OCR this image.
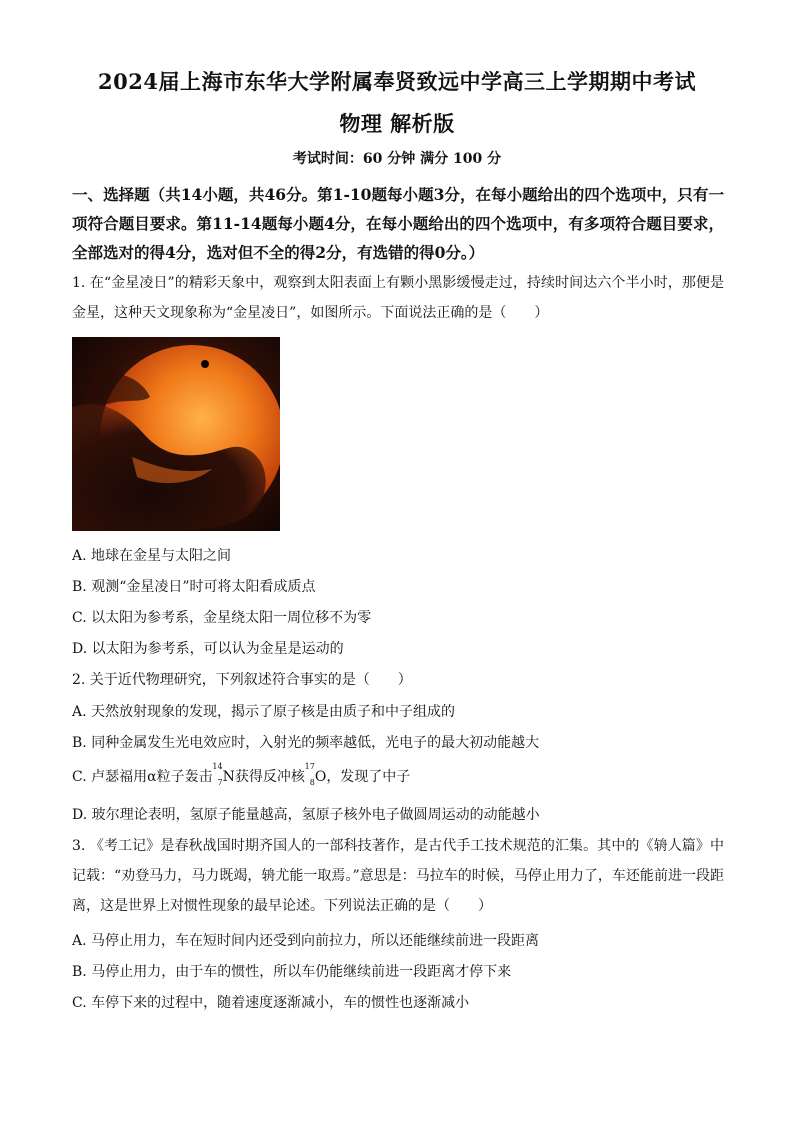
2024届上海市东华大学附属奉贤致远中学高三上学期期中考试
物理 解析版
考试时间：60 分钟 满分 100 分
一、选择题（共14小题，共46分。第1-10题每小题3分，在每小题给出的四个选项中，只有一项符合题目要求。第11-14题每小题4分，在每小题给出的四个选项中，有多项符合题目要求，全部选对的得4分，选对但不全的得2分，有选错的得0分。）
1. 在“金星凌日”的精彩天象中，观察到太阳表面上有颗小黑影缓慢走过，持续时间达六个半小时，那便是金星，这种天文现象称为“金星凌日”，如图所示。下面说法正确的是（　　）
A. 地球在金星与太阳之间
B. 观测“金星凌日”时可将太阳看成质点
C. 以太阳为参考系，金星绕太阳一周位移不为零
D. 以太阳为参考系，可以认为金星是运动的
2. 关于近代物理研究，下列叙述符合事实的是（　　）
A. 天然放射现象的发现，揭示了原子核是由质子和中子组成的
B. 同种金属发生光电效应时，入射光的频率越低，光电子的最大初动能越大
C. 卢瑟福用α粒子轰击
14
7 N获得反冲核
17
8 O，发现了中子
D. 玻尔理论表明，氢原子能量越高，氢原子核外电子做圆周运动的动能越小
3. 《考工记》是春秋战国时期齐国人的一部科技著作，是古代手工技术规范的汇集。其中的《辀人篇》中记载：“劝登马力，马力既竭，辀尤能一取焉。”意思是：马拉车的时候，马停止用力了，车还能前进一段距离，这是世界上对惯性现象的最早论述。下列说法正确的是（　　）
A. 马停止用力，车在短时间内还受到向前拉力，所以还能继续前进一段距离
B. 马停止用力，由于车的惯性，所以车仍能继续前进一段距离才停下来
C. 车停下来的过程中，随着速度逐渐减小，车的惯性也逐渐减小
